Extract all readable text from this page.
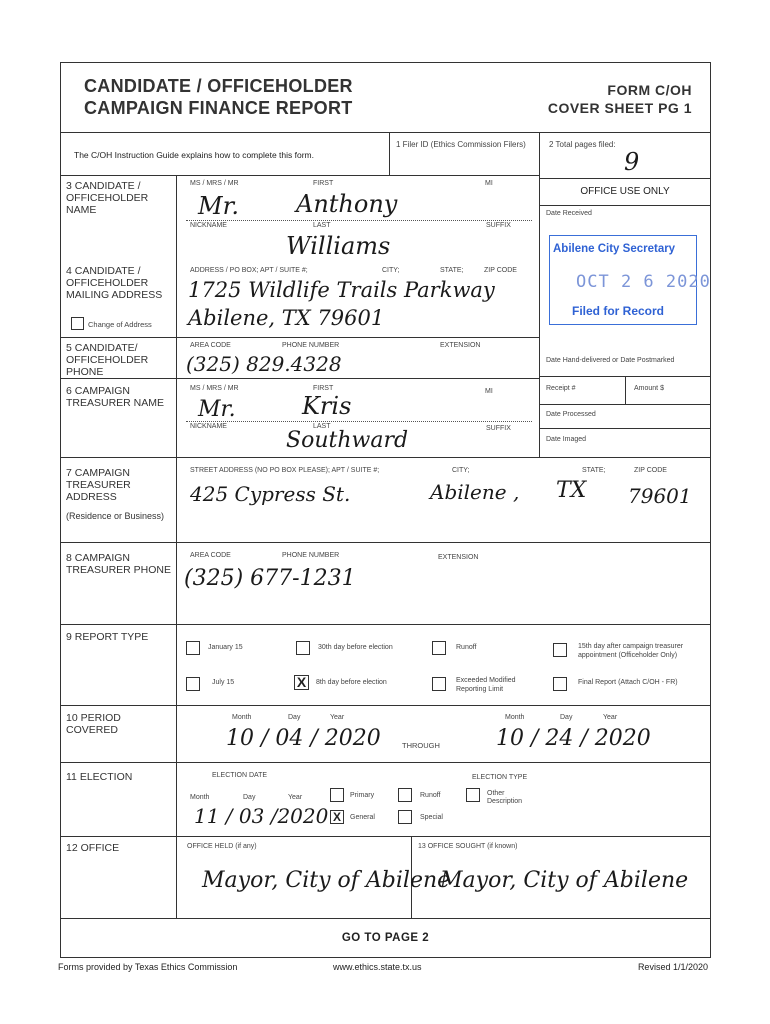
CANDIDATE / OFFICEHOLDER
CAMPAIGN FINANCE REPORT
FORM C/OH
COVER SHEET PG 1
The C/OH Instruction Guide explains how to complete this form.
1 Filer ID (Ethics Commission Filers)	2 Total pages filed:
9
3 CANDIDATE / OFFICEHOLDER NAME
MS / MRS / MR	FIRST	MI
Mr. Anthony
NICKNAME	LAST	SUFFIX
Williams
OFFICE USE ONLY
Date Received
Abilene City Secretary
OCT 2 6 2020
Filed for Record
Date Hand-delivered or Date Postmarked
Receipt #	Amount $
Date Processed
Date Imaged
4 CANDIDATE / OFFICEHOLDER MAILING ADDRESS
ADDRESS / PO BOX; APT / SUITE #;	CITY;	STATE;	ZIP CODE
1725 Wildlife Trails Parkway
Abilene, TX 79601
Change of Address
5 CANDIDATE/ OFFICEHOLDER PHONE
AREA CODE	PHONE NUMBER	EXTENSION
(325) 829.4328
6 CAMPAIGN TREASURER NAME
MS / MRS / MR	FIRST	MI
Mr.	Kris
NICKNAME	LAST	SUFFIX
Southward
7 CAMPAIGN TREASURER ADDRESS
(Residence or Business)
STREET ADDRESS (NO PO BOX PLEASE); APT / SUITE #;	CITY;	STATE;	ZIP CODE
425 Cypress St.	Abilene , TX 79601
8 CAMPAIGN TREASURER PHONE
AREA CODE	PHONE NUMBER	EXTENSION
(325) 677-1231
9 REPORT TYPE
January 15	30th day before election	Runoff	15th day after campaign treasurer appointment (Officeholder Only)
July 15	X	8th day before election	Exceeded Modified Reporting Limit
Final Report (Attach C/OH - FR)
10 PERIOD COVERED
Month	Day	Year
10 / 04 / 2020	THROUGH
Month	Day	Year
10 / 24 / 2020
11 ELECTION	ELECTION DATE
Month	Day	Year
11 / 03 /2020
ELECTION TYPE
Primary
X	General
Runoff
Special
Other Description
12 OFFICE	OFFICE HELD (if any)
Mayor, City of Abilene
13 OFFICE SOUGHT (if known)
Mayor, City of Abilene
GO TO PAGE 2
Forms provided by Texas Ethics Commission	www.ethics.state.tx.us	Revised 1/1/2020
